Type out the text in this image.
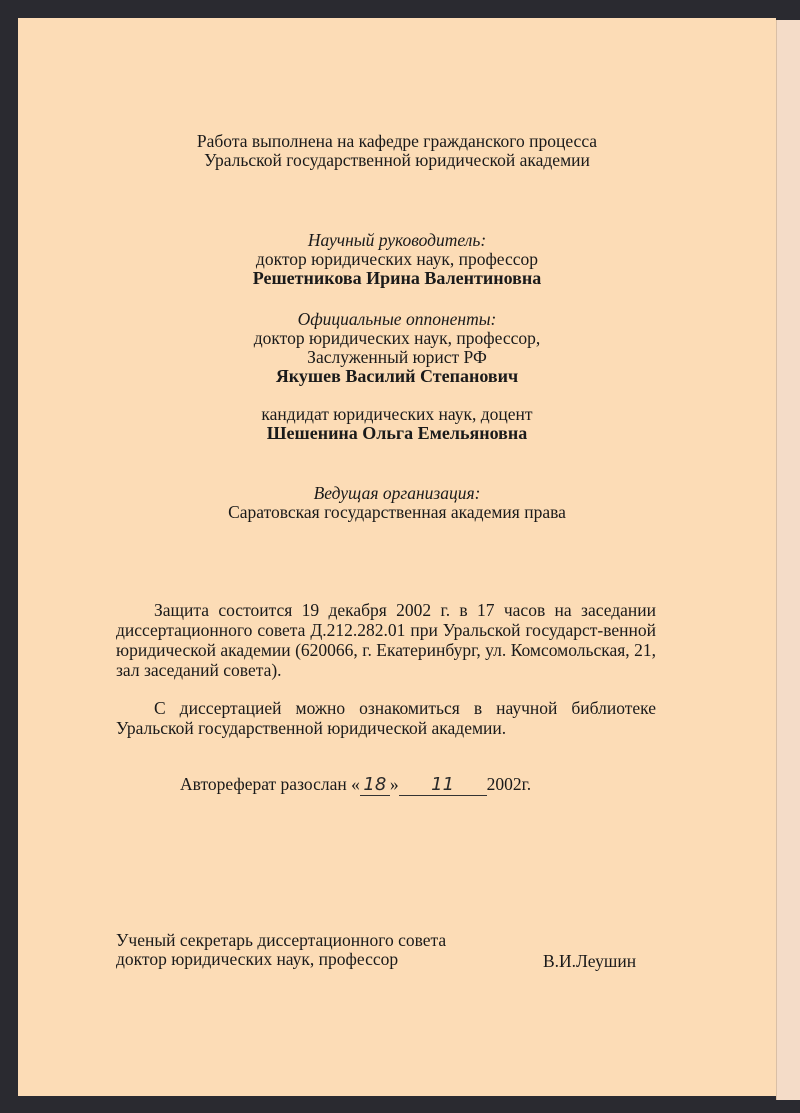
Работа выполнена на кафедре гражданского процесса
Уральской государственной юридической академии
Научный руководитель:
доктор юридических наук, профессор
Решетникова Ирина Валентиновна
Официальные оппоненты:
доктор юридических наук, профессор,
Заслуженный юрист РФ
Якушев Василий Степанович
кандидат юридических наук, доцент
Шешенина Ольга Емельяновна
Ведущая организация:
Саратовская государственная академия права
Защита состоится 19 декабря 2002 г. в 17 часов на заседании диссертационного совета Д.212.282.01 при Уральской государст-венной юридической академии (620066, г. Екатеринбург, ул. Комсомольская, 21, зал заседаний совета).
С диссертацией можно ознакомиться в научной библиотеке Уральской государственной юридической академии.
Автореферат разослан « 18 » 11 2002г.
Ученый секретарь диссертационного совета
доктор юридических наук, профессор	В.И.Леушин
